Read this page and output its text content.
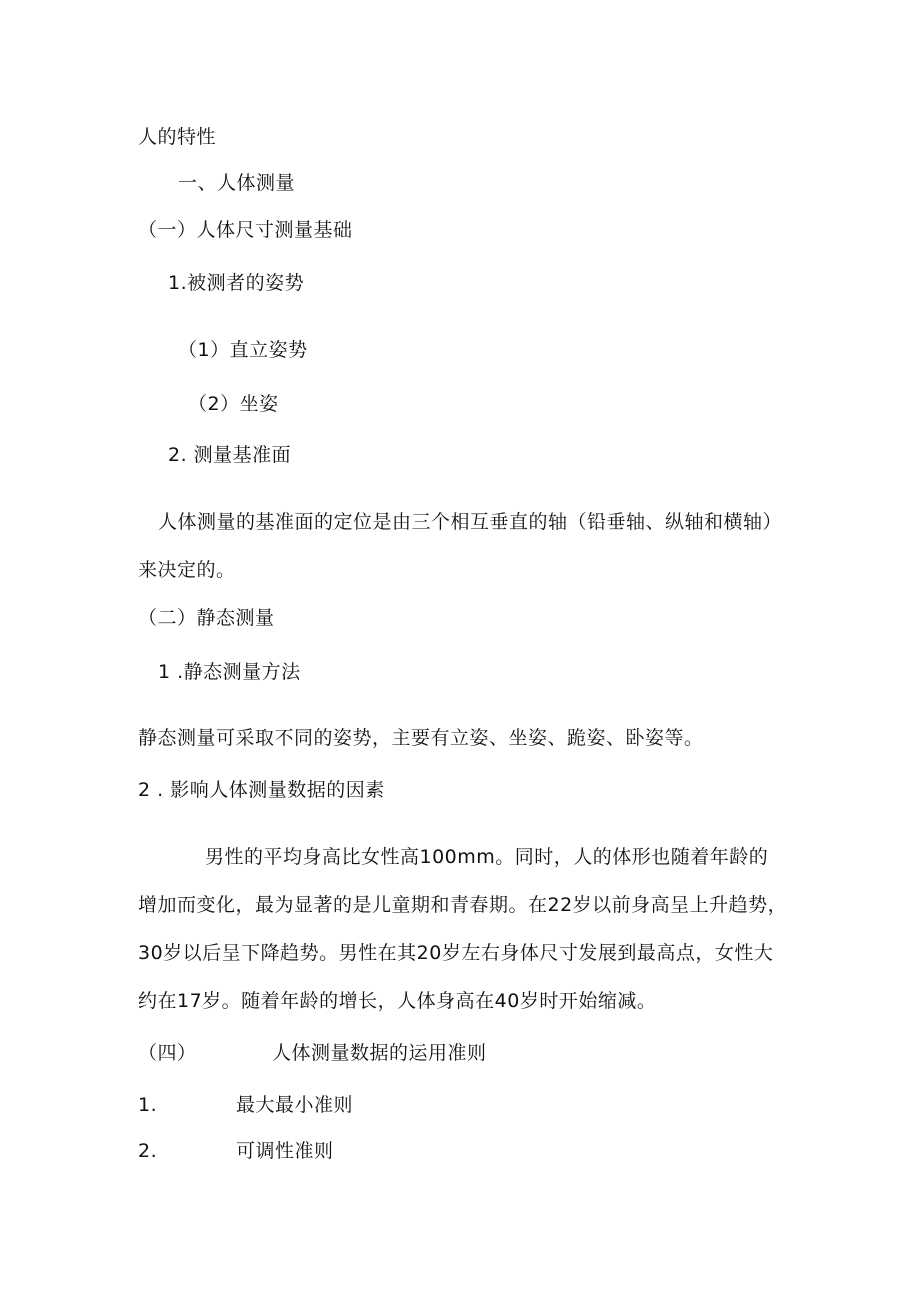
人的特性
一、人体测量
（一）人体尺寸测量基础
1.被测者的姿势
（1）直立姿势
（2）坐姿
2. 测量基准面
人体测量的基准面的定位是由三个相互垂直的轴（铅垂轴、纵轴和横轴）
来决定的。
（二）静态测量
1 .静态测量方法
静态测量可采取不同的姿势，主要有立姿、坐姿、跪姿、卧姿等。
2 . 影响人体测量数据的因素
男性的平均身高比女性高100mm。同时，人的体形也随着年龄的
增加而变化，最为显著的是儿童期和青春期。在22岁以前身高呈上升趋势，
30岁以后呈下降趋势。男性在其20岁左右身体尺寸发展到最高点，女性大
约在17岁。随着年龄的增长，人体身高在40岁时开始缩减。
（四）	人体测量数据的运用准则
1.	最大最小准则
2.	可调性准则
